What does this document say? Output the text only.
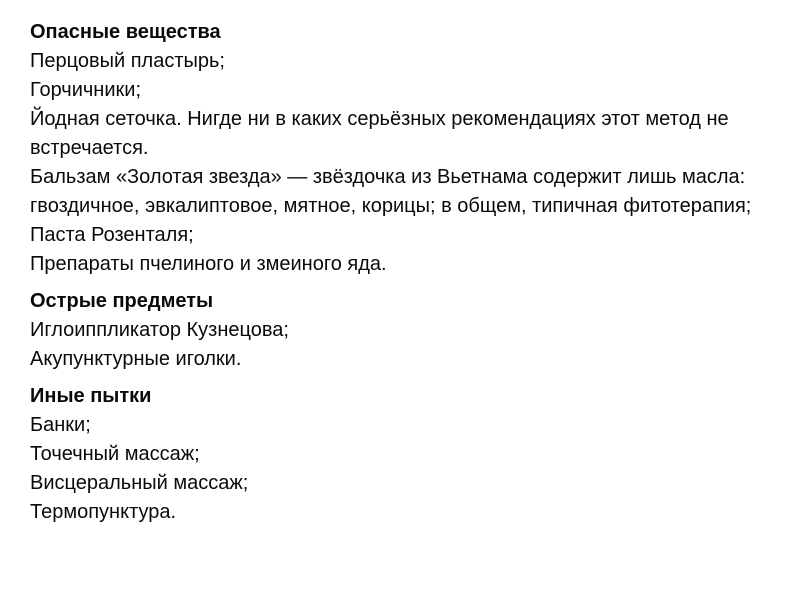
Опасные вещества
Перцовый пластырь;
Горчичники;
Йодная сеточка. Нигде ни в каких серьёзных рекомендациях этот метод не встречается.
Бальзам «Золотая звезда» — звёздочка из Вьетнама содержит лишь масла: гвоздичное, эвкалиптовое, мятное, корицы; в общем, типичная фитотерапия;
Паста Розенталя;
Препараты пчелиного и змеиного яда.
Острые предметы
Иглоиппликатор Кузнецова;
Акупунктурные иголки.
Иные пытки
Банки;
Точечный массаж;
Висцеральный массаж;
Термопунктура.
